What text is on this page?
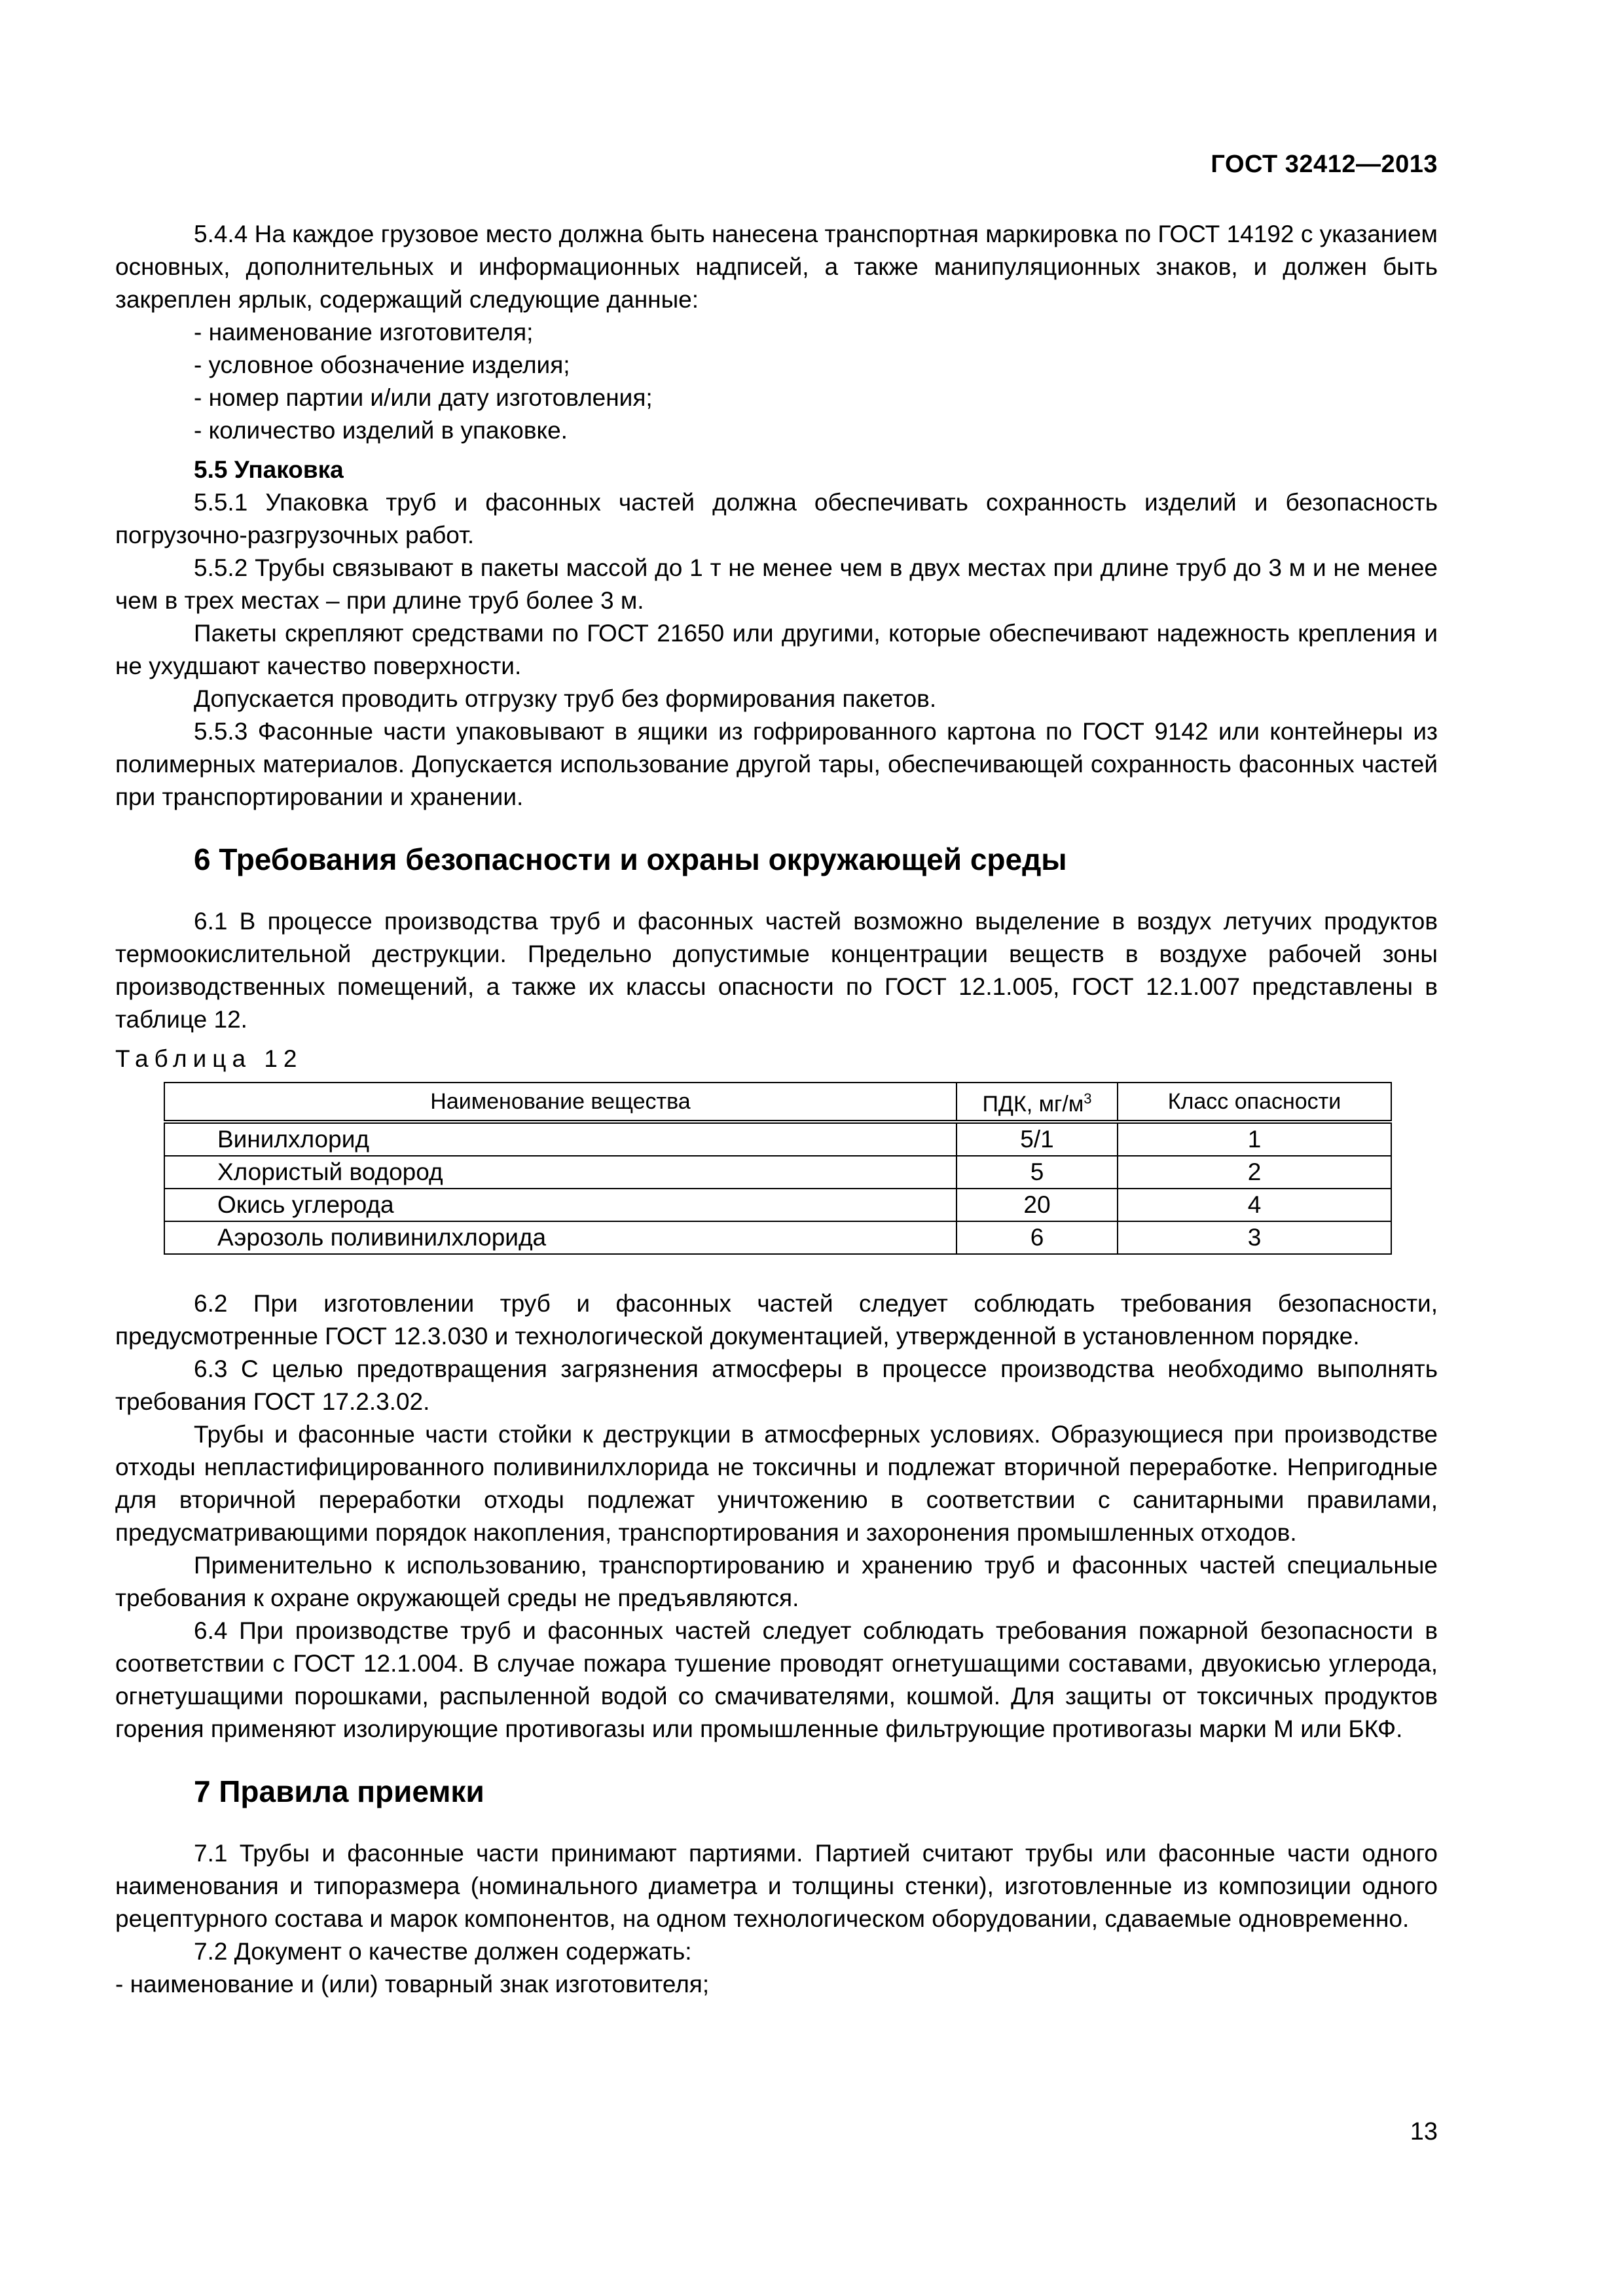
ГОСТ 32412—2013

5.4.4 На каждое грузовое место должна быть нанесена транспортная маркировка по ГОСТ 14192 с указанием основных, дополнительных и информационных надписей, а также манипуляционных знаков, и должен быть закреплен ярлык, содержащий следующие данные:

- наименование изготовителя;

- условное обозначение изделия;

- номер партии и/или дату изготовления;

- количество изделий в упаковке.

5.5 Упаковка

5.5.1 Упаковка труб и фасонных частей должна обеспечивать сохранность изделий и безопасность погрузочно-разгрузочных работ.

5.5.2 Трубы связывают в пакеты массой до 1 т не менее чем в двух местах при длине труб до 3 м и не менее чем в трех местах – при длине труб более 3 м.

Пакеты скрепляют средствами по ГОСТ 21650 или другими, которые обеспечивают надежность крепления и не ухудшают качество поверхности.

Допускается проводить отгрузку труб без формирования пакетов.

5.5.3 Фасонные части упаковывают в ящики из гофрированного картона по ГОСТ 9142 или контейнеры из полимерных материалов. Допускается использование другой тары, обеспечивающей сохранность фасонных частей при транспортировании и хранении.

6 Требования безопасности и охраны окружающей среды

6.1 В процессе производства труб и фасонных частей возможно выделение в воздух летучих продуктов термоокислительной деструкции. Предельно допустимые концентрации веществ в воздухе рабочей зоны производственных помещений, а также их классы опасности по ГОСТ 12.1.005, ГОСТ 12.1.007 представлены в таблице 12.

Таблица 12
Наименование вещества	ПДК, $мг/м^3$	Класс опасности
Винилхлорид	5/1	1
Хлористый водород	5	2
Окись углерода	20	4
Аэрозоль поливинилхлорида	6	3

6.2 При изготовлении труб и фасонных частей следует соблюдать требования безопасности, предусмотренные ГОСТ 12.3.030 и технологической документацией, утвержденной в установленном порядке.

6.3 С целью предотвращения загрязнения атмосферы в процессе производства необходимо выполнять требования ГОСТ 17.2.3.02.

Трубы и фасонные части стойки к деструкции в атмосферных условиях. Образующиеся при производстве отходы непластифицированного поливинилхлорида не токсичны и подлежат вторичной переработке. Непригодные для вторичной переработки отходы подлежат уничтожению в соответствии с санитарными правилами, предусматривающими порядок накопления, транспортирования и захоронения промышленных отходов.

Применительно к использованию, транспортированию и хранению труб и фасонных частей специальные требования к охране окружающей среды не предъявляются.

6.4 При производстве труб и фасонных частей следует соблюдать требования пожарной безопасности в соответствии с ГОСТ 12.1.004. В случае пожара тушение проводят огнетушащими составами, двуокисью углерода, огнетушащими порошками, распыленной водой со смачивателями, кошмой. Для защиты от токсичных продуктов горения применяют изолирующие противогазы или промышленные фильтрующие противогазы марки М или БКФ.

7 Правила приемки

7.1 Трубы и фасонные части принимают партиями. Партией считают трубы или фасонные части одного наименования и типоразмера (номинального диаметра и толщины стенки), изготовленные из композиции одного рецептурного состава и марок компонентов, на одном технологическом оборудовании, сдаваемые одновременно.

7.2 Документ о качестве должен содержать:

- наименование и (или) товарный знак изготовителя;

13
